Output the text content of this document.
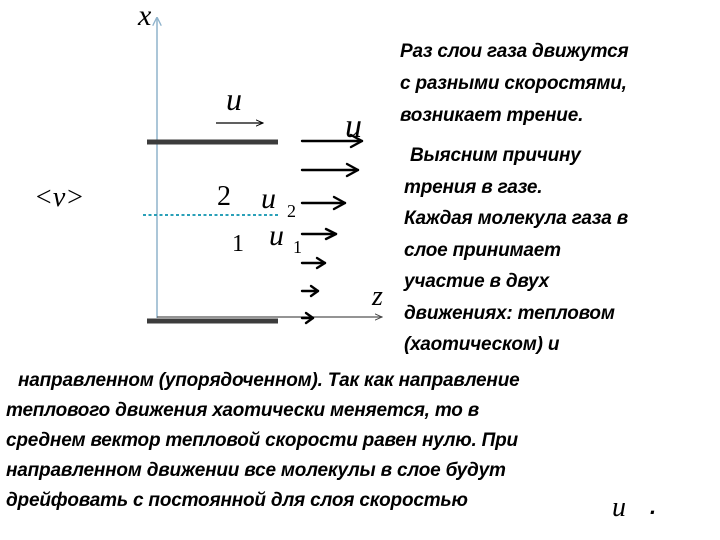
x
z
<v>
u
u
2
1
u 2
u 1
Раз слои газа движутся
с разными скоростями,
возникает трение.
Выясним причину
трения в газе.
Каждая молекула газа в
слое принимает
участие в двух
движениях: тепловом
(хаотическом) и
направленном (упорядоченном). Так как направление
теплового движения хаотически меняется, то в
среднем вектор тепловой скорости равен нулю. При
направленном движении все молекулы в слое будут
дрейфовать с постоянной для слоя скоростью	u .
